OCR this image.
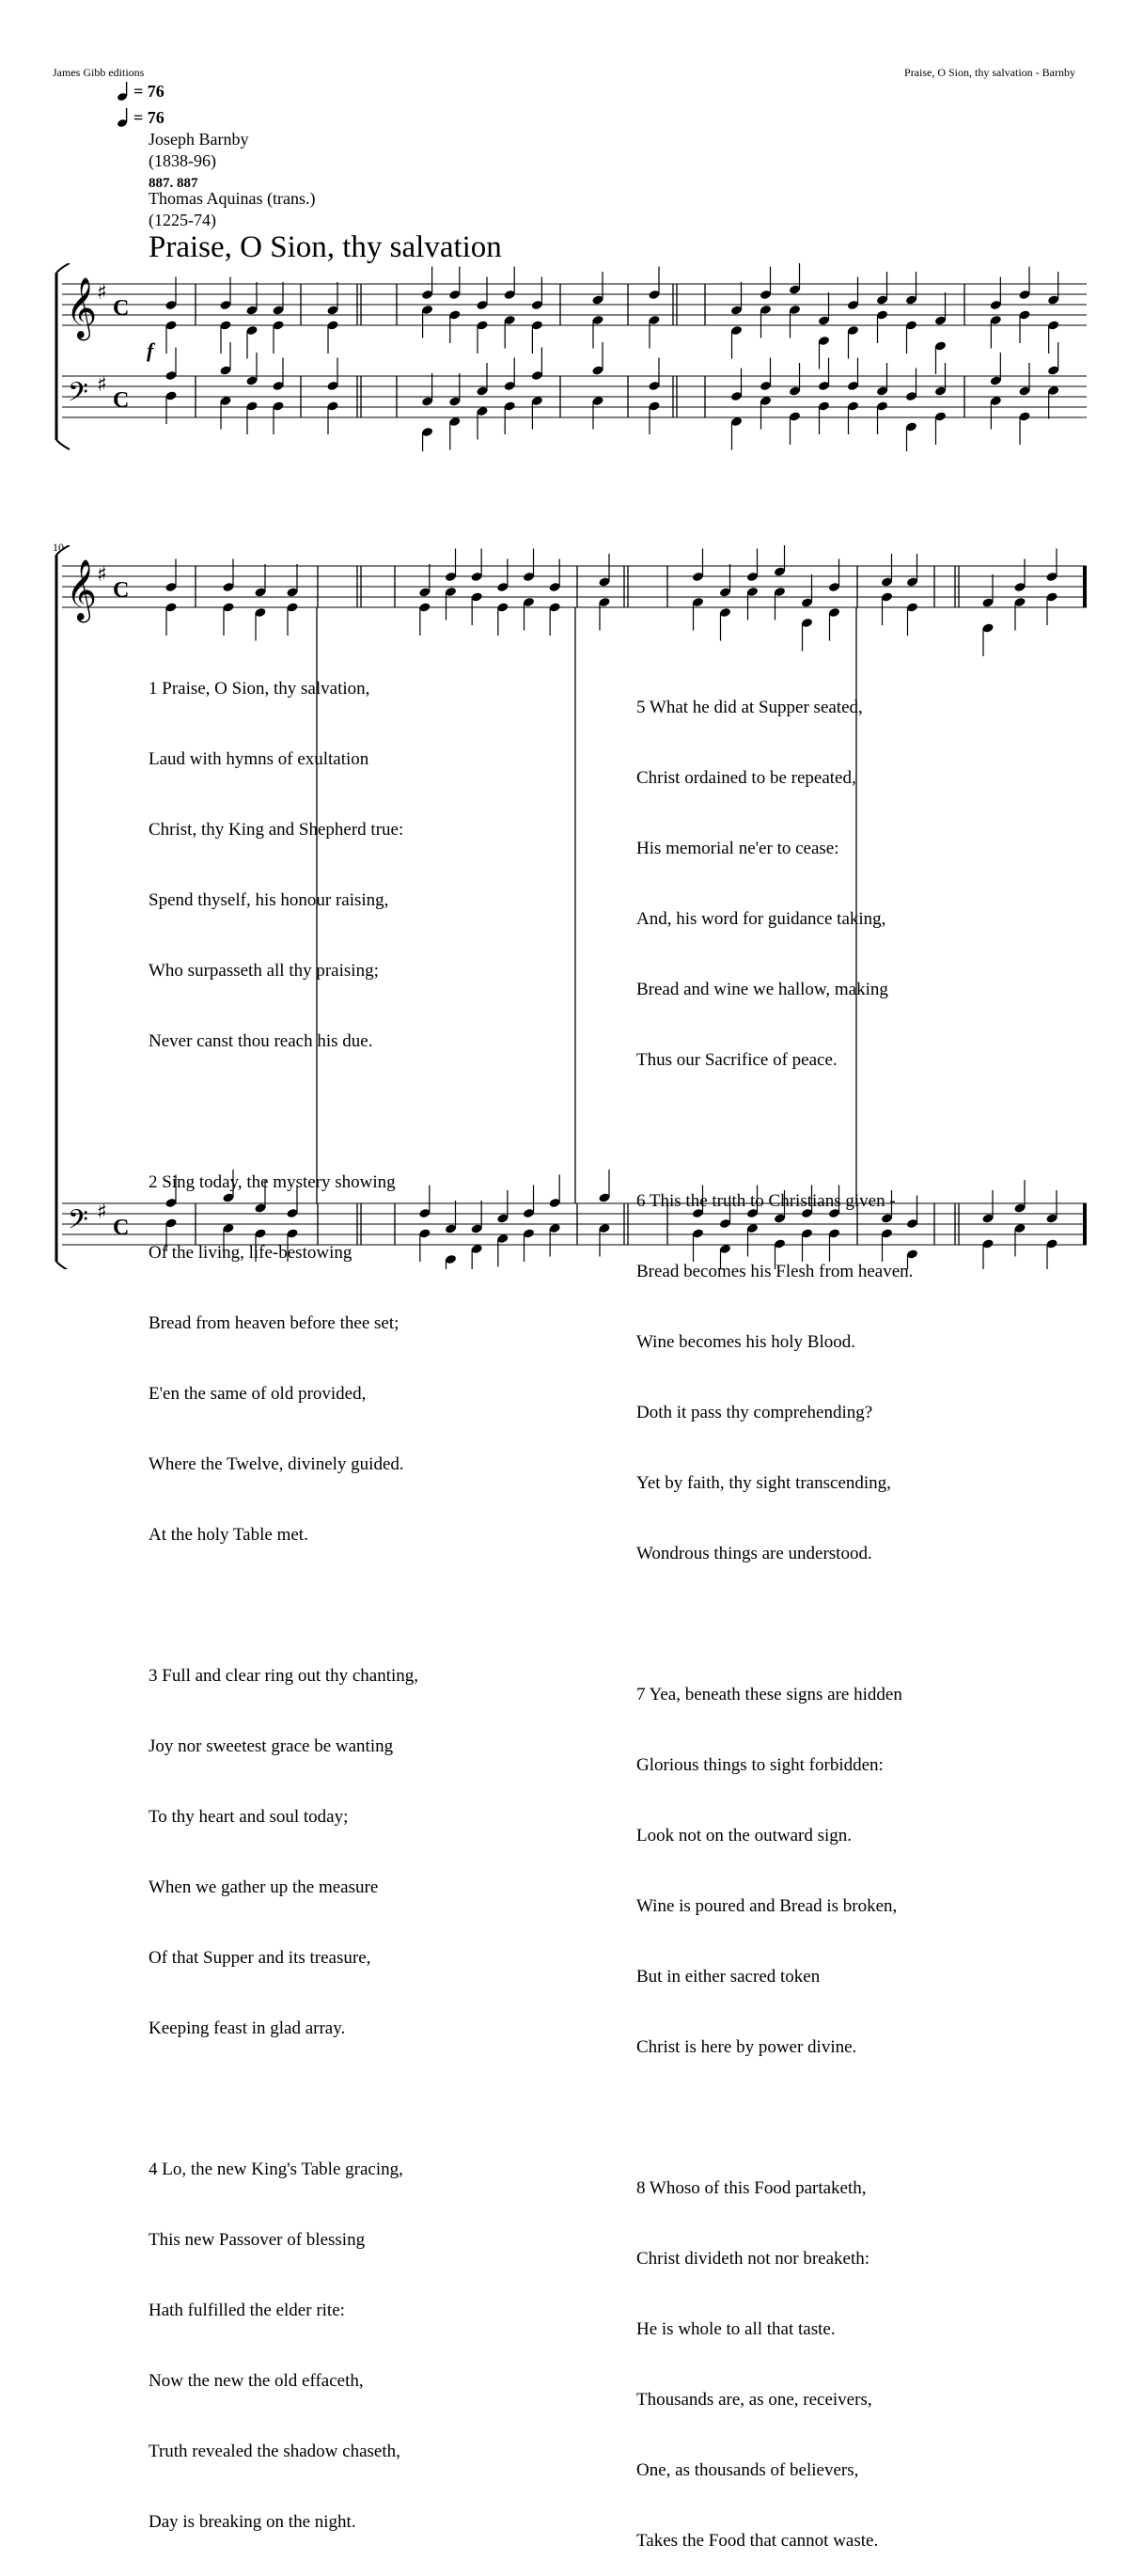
James Gibb editions	Praise, O Sion, thy salvation - Barnby
= 76
= 76
Joseph Barnby
(1838-96)
887. 887
Thomas Aquinas (trans.)
(1225-74)
Praise, O Sion, thy salvation
𝄞
𝄢
♯
♯
C
C
f
10
𝄞
𝄢
♯
♯
C
C

1 Praise, O Sion, thy salvation,

Laud with hymns of exultation

Christ, thy King and Shepherd true:

Spend thyself, his honour raising,

Who surpasseth all thy praising;

Never canst thou reach his due.

2 Sing today, the mystery showing

Of the living, life-bestowing

Bread from heaven before thee set;

E'en the same of old provided,

Where the Twelve, divinely guided.

At the holy Table met.

3 Full and clear ring out thy chanting,

Joy nor sweetest grace be wanting

To thy heart and soul today;

When we gather up the measure

Of that Supper and its treasure,

Keeping feast in glad array.

4 Lo, the new King's Table gracing,

This new Passover of blessing

Hath fulfilled the elder rite:

Now the new the old effaceth,

Truth revealed the shadow chaseth,

Day is breaking on the night.

5 What he did at Supper seated,

Christ ordained to be repeated,

His memorial ne'er to cease:

And, his word for guidance taking,

Bread and wine we hallow, making

Thus our Sacrifice of peace.

6 This the truth to Christians given -

Bread becomes his Flesh from heaven.

Wine becomes his holy Blood.

Doth it pass thy comprehending?

Yet by faith, thy sight transcending,

Wondrous things are understood.

7 Yea, beneath these signs are hidden

Glorious things to sight forbidden:

Look not on the outward sign.

Wine is poured and Bread is broken,

But in either sacred token

Christ is here by power divine.

8 Whoso of this Food partaketh,

Christ divideth not nor breaketh:

He is whole to all that taste.

Thousands are, as one, receivers,

One, as thousands of believers,

Takes the Food that cannot waste.
